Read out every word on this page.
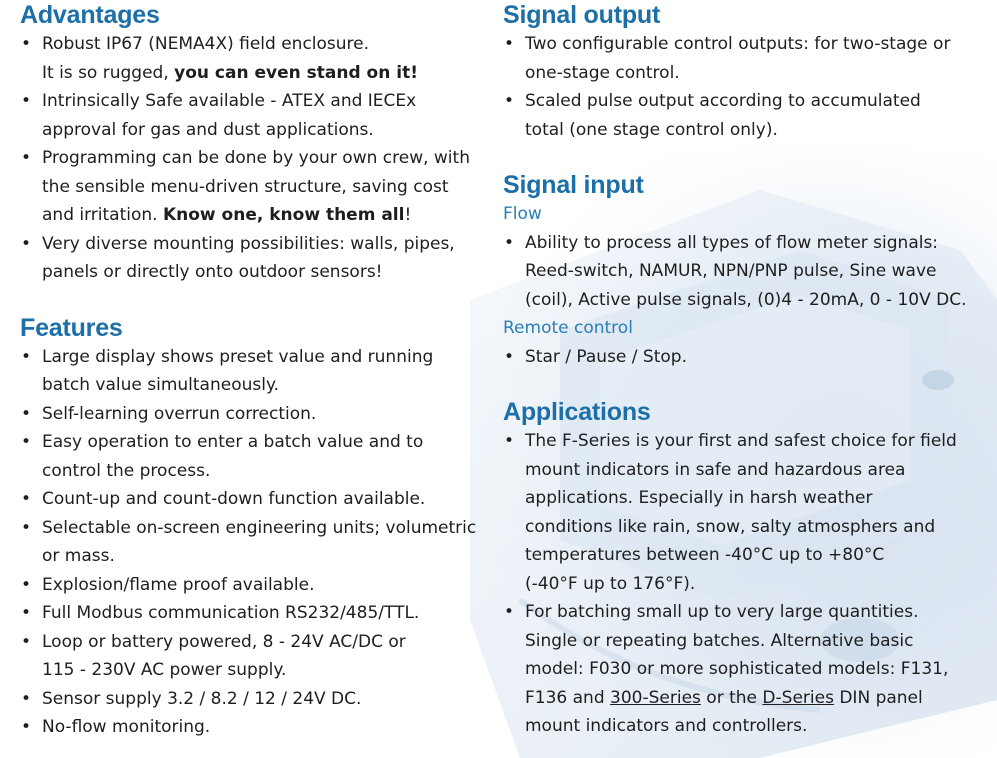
Advantages
• Robust IP67 (NEMA4X) field enclosure.
It is so rugged, you can even stand on it!
• Intrinsically Safe available - ATEX and IECEx
approval for gas and dust applications.
• Programming can be done by your own crew, with
the sensible menu-driven structure, saving cost
and irritation. Know one, know them all!
• Very diverse mounting possibilities: walls, pipes,
panels or directly onto outdoor sensors!
Features
• Large display shows preset value and running
batch value simultaneously.
• Self-learning overrun correction.
• Easy operation to enter a batch value and to
control the process.
• Count-up and count-down function available.
• Selectable on-screen engineering units; volumetric
or mass.
• Explosion/flame proof available.
• Full Modbus communication RS232/485/TTL.
• Loop or battery powered, 8 - 24V AC/DC or
115 - 230V AC power supply.
• Sensor supply 3.2 / 8.2 / 12 / 24V DC.
• No-flow monitoring.
Signal output
• Two configurable control outputs: for two-stage or
one-stage control.
• Scaled pulse output according to accumulated
total (one stage control only).
Signal input
Flow
• Ability to process all types of flow meter signals:
Reed-switch, NAMUR, NPN/PNP pulse, Sine wave
(coil), Active pulse signals, (0)4 - 20mA, 0 - 10V DC.
Remote control
• Star / Pause / Stop.
Applications
• The F-Series is your first and safest choice for field
mount indicators in safe and hazardous area
applications. Especially in harsh weather
conditions like rain, snow, salty atmosphers and
temperatures between -40°C up to +80°C
(-40°F up to 176°F).
• For batching small up to very large quantities.
Single or repeating batches. Alternative basic
model: F030 or more sophisticated models: F131,
F136 and 300-Series or the D-Series DIN panel
mount indicators and controllers.
